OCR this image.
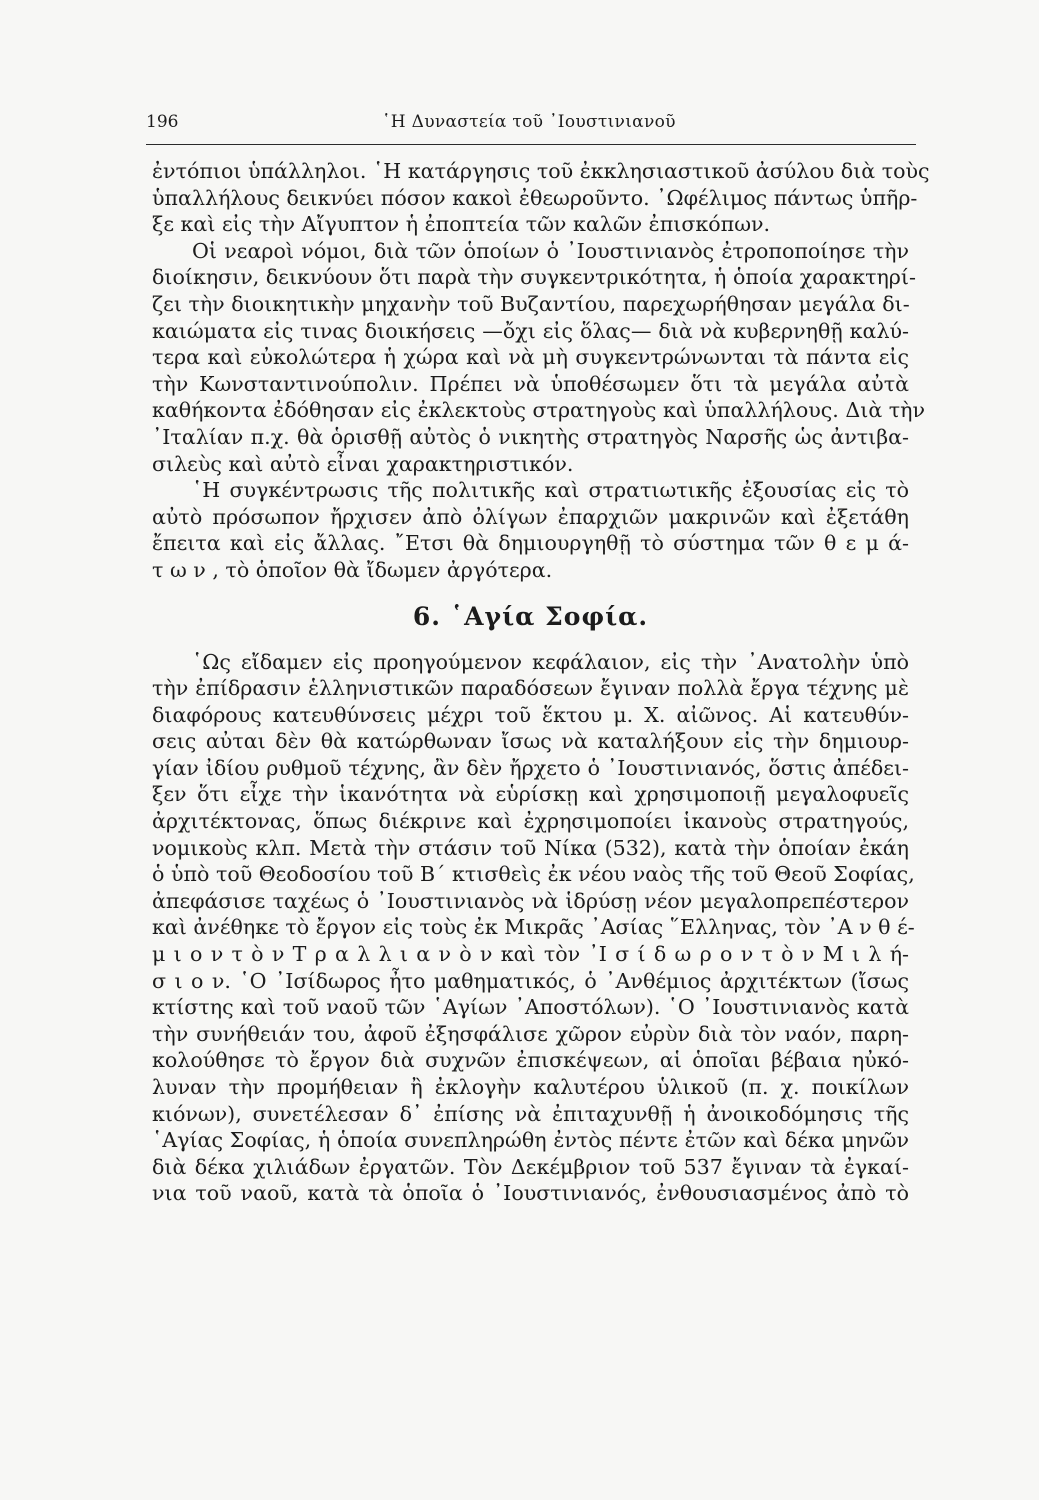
196	῾Η Δυναστεία τοῦ ᾿Ιουστινιανοῦ
ἐντόπιοι ὑπάλληλοι. ῾Η κατάργησις τοῦ ἐκκλησιαστικοῦ ἀσύλου διὰ τοὺς
ὑπαλλήλους δεικνύει πόσον κακοὶ ἐθεωροῦντο. ᾿Ωφέλιμος πάντως ὑπῆρ-
ξε καὶ εἰς τὴν Αἴγυπτον ἡ ἐποπτεία τῶν καλῶν ἐπισκόπων.
Οἱ νεαροὶ νόμοι, διὰ τῶν ὁποίων ὁ ᾿Ιουστινιανὸς ἐτροποποίησε τὴν
διοίκησιν, δεικνύουν ὅτι παρὰ τὴν συγκεντρικότητα, ἡ ὁποία χαρακτηρί-
ζει τὴν διοικητικὴν μηχανὴν τοῦ Βυζαντίου, παρεχωρήθησαν μεγάλα δι-
καιώματα εἰς τινας διοικήσεις —ὄχι εἰς ὅλας— διὰ νὰ κυβερνηθῇ καλύ-
τερα καὶ εὐκολώτερα ἡ χώρα καὶ νὰ μὴ συγκεντρώνωνται τὰ πάντα εἰς
τὴν Κωνσταντινούπολιν. Πρέπει νὰ ὑποθέσωμεν ὅτι τὰ μεγάλα αὐτὰ
καθήκοντα ἐδόθησαν εἰς ἐκλεκτοὺς στρατηγοὺς καὶ ὑπαλλήλους. Διὰ τὴν
᾿Ιταλίαν π.χ. θὰ ὁρισθῇ αὐτὸς ὁ νικητὴς στρατηγὸς Ναρσῆς ὡς ἀντιβα-
σιλεὺς καὶ αὐτὸ εἶναι χαρακτηριστικόν.
῾Η συγκέντρωσις τῆς πολιτικῆς καὶ στρατιωτικῆς ἐξουσίας εἰς τὸ
αὐτὸ πρόσωπον ἤρχισεν ἀπὸ ὀλίγων ἐπαρχιῶν μακρινῶν καὶ ἐξετάθη
ἔπειτα καὶ εἰς ἄλλας. ῎Ετσι θὰ δημιουργηθῇ τὸ σύστημα τῶν θ ε μ ά-
τ ω ν , τὸ ὁποῖον θὰ ἴδωμεν ἀργότερα.
6. ῾Αγία Σοφία.
῾Ως εἴδαμεν εἰς προηγούμενον κεφάλαιον, εἰς τὴν ᾿Ανατολὴν ὑπὸ
τὴν ἐπίδρασιν ἑλληνιστικῶν παραδόσεων ἔγιναν πολλὰ ἔργα τέχνης μὲ
διαφόρους κατευθύνσεις μέχρι τοῦ ἕκτου μ. Χ. αἰῶνος. Αἱ κατευθύν-
σεις αὐται δὲν θὰ κατώρθωναν ἴσως νὰ καταλήξουν εἰς τὴν δημιουρ-
γίαν ἰδίου ρυθμοῦ τέχνης, ἂν δὲν ἤρχετο ὁ ᾿Ιουστινιανός, ὅστις ἀπέδει-
ξεν ὅτι εἶχε τὴν ἱκανότητα νὰ εὑρίσκῃ καὶ χρησιμοποιῇ μεγαλοφυεῖς
ἀρχιτέκτονας, ὅπως διέκρινε καὶ ἐχρησιμοποίει ἱκανοὺς στρατηγούς,
νομικοὺς κλπ. Μετὰ τὴν στάσιν τοῦ Νίκα (532), κατὰ τὴν ὁποίαν ἐκάη
ὁ ὑπὸ τοῦ Θεοδοσίου τοῦ Β΄ κτισθεὶς ἐκ νέου ναὸς τῆς τοῦ Θεοῦ Σοφίας,
ἀπεφάσισε ταχέως ὁ ᾿Ιουστινιανὸς νὰ ἱδρύσῃ νέον μεγαλοπρεπέστερον
καὶ ἀνέθηκε τὸ ἔργον εἰς τοὺς ἐκ Μικρᾶς ᾿Ασίας ῞Ελληνας, τὸν ᾿Α ν θ έ-
μ ι ο ν τ ὸ ν Τ ρ α λ λ ι α ν ὸ ν καὶ τὸν ᾿Ι σ ί δ ω ρ ο ν τ ὸ ν Μ ι λ ή-
σ ι ο ν. ῾Ο ᾿Ισίδωρος ἦτο μαθηματικός, ὁ ᾿Ανθέμιος ἀρχιτέκτων (ἴσως
κτίστης καὶ τοῦ ναοῦ τῶν ῾Αγίων ᾿Αποστόλων). ῾Ο ᾿Ιουστινιανὸς κατὰ
τὴν συνήθειάν του, ἀφοῦ ἐξησφάλισε χῶρον εὐρὺν διὰ τὸν ναόν, παρη-
κολούθησε τὸ ἔργον διὰ συχνῶν ἐπισκέψεων, αἱ ὁποῖαι βέβαια ηὐκό-
λυναν τὴν προμήθειαν ἢ ἐκλογὴν καλυτέρου ὑλικοῦ (π. χ. ποικίλων
κιόνων), συνετέλεσαν δ᾿ ἐπίσης νὰ ἐπιταχυνθῇ ἡ ἀνοικοδόμησις τῆς
῾Αγίας Σοφίας, ἡ ὁποία συνεπληρώθη ἐντὸς πέντε ἐτῶν καὶ δέκα μηνῶν
διὰ δέκα χιλιάδων ἐργατῶν. Τὸν Δεκέμβριον τοῦ 537 ἔγιναν τὰ ἐγκαί-
νια τοῦ ναοῦ, κατὰ τὰ ὁποῖα ὁ ᾿Ιουστινιανός, ἐνθουσιασμένος ἀπὸ τὸ
